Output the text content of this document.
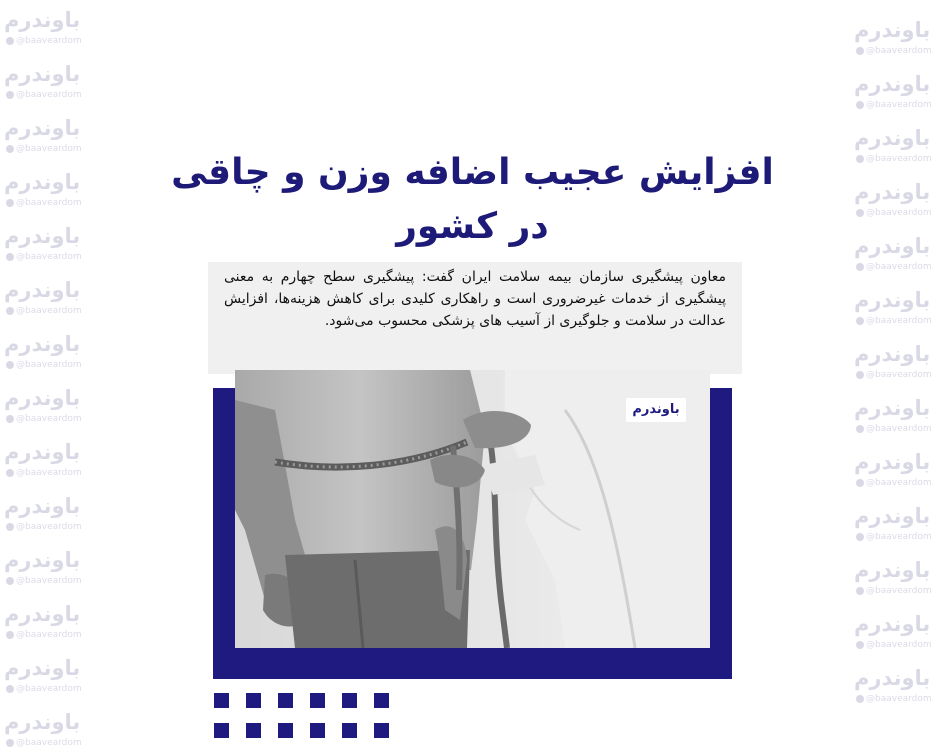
باوندرم
@baaveardom
باوندرم
@baaveardom
باوندرم
@baaveardom
باوندرم
@baaveardom
باوندرم
@baaveardom
باوندرم
@baaveardom
باوندرم
@baaveardom
باوندرم
@baaveardom
باوندرم
@baaveardom
باوندرم
@baaveardom
باوندرم
@baaveardom
باوندرم
@baaveardom
باوندرم
@baaveardom
باوندرم
@baaveardom
باوندرم
@baaveardom
باوندرم
@baaveardom
باوندرم
@baaveardom
باوندرم
@baaveardom
باوندرم
@baaveardom
باوندرم
@baaveardom
باوندرم
@baaveardom
باوندرم
@baaveardom
باوندرم
@baaveardom
باوندرم
@baaveardom
باوندرم
@baaveardom
باوندرم
@baaveardom
باوندرم
@baaveardom
افزایش عجیب اضافه وزن و چاقی در کشور
معاون پیشگیری سازمان بیمه سلامت ایران گفت: پیشگیری سطح چهارم به معنی پیشگیری از خدمات غیرضروری است و راهکاری کلیدی برای کاهش هزینه‌ها، افزایش عدالت در سلامت و جلوگیری از آسیب های پزشکی محسوب می‌شود.
باوندرم
